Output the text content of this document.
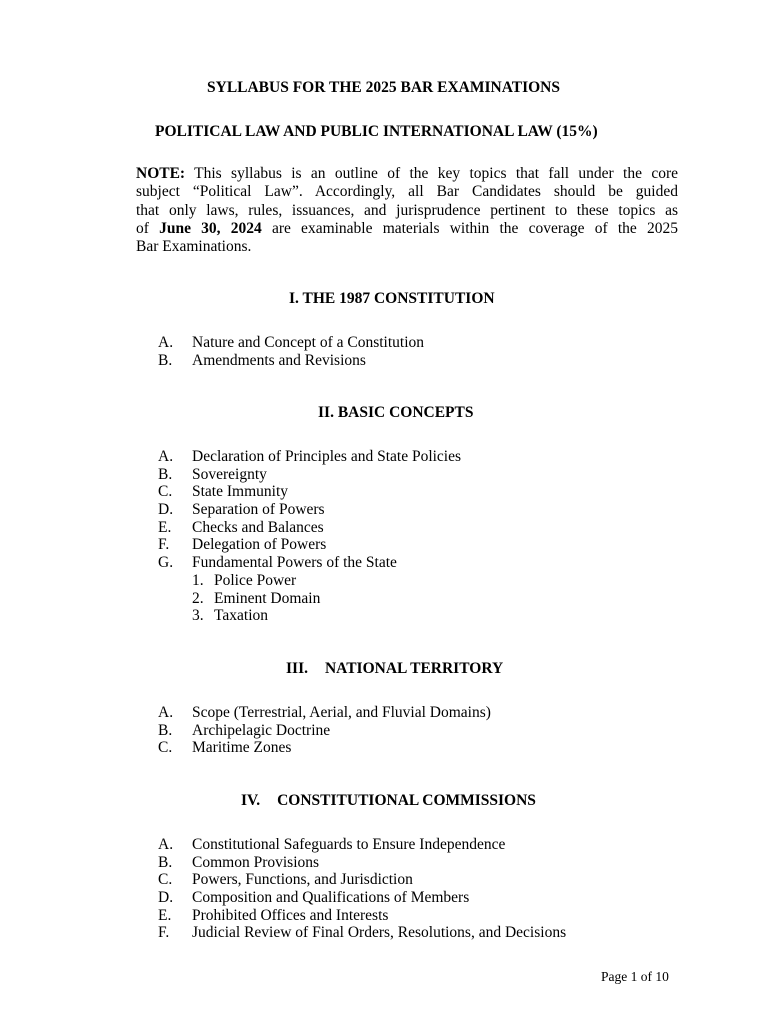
SYLLABUS FOR THE 2025 BAR EXAMINATIONS
POLITICAL LAW AND PUBLIC INTERNATIONAL LAW (15%)
NOTE: This syllabus is an outline of the key topics that fall under the core
subject “Political Law”. Accordingly, all Bar Candidates should be guided
that only laws, rules, issuances, and jurisprudence pertinent to these topics as
of June 30, 2024 are examinable materials within the coverage of the 2025
Bar Examinations.
I. THE 1987 CONSTITUTION
A. Nature and Concept of a Constitution
B. Amendments and Revisions
II. BASIC CONCEPTS
A. Declaration of Principles and State Policies
B. Sovereignty
C. State Immunity
D. Separation of Powers
E. Checks and Balances
F. Delegation of Powers
G. Fundamental Powers of the State
1. Police Power
2. Eminent Domain
3. Taxation
III. NATIONAL TERRITORY
A. Scope (Terrestrial, Aerial, and Fluvial Domains)
B. Archipelagic Doctrine
C. Maritime Zones
IV. CONSTITUTIONAL COMMISSIONS
A. Constitutional Safeguards to Ensure Independence
B. Common Provisions
C. Powers, Functions, and Jurisdiction
D. Composition and Qualifications of Members
E. Prohibited Offices and Interests
F. Judicial Review of Final Orders, Resolutions, and Decisions
Page 1 of 10
